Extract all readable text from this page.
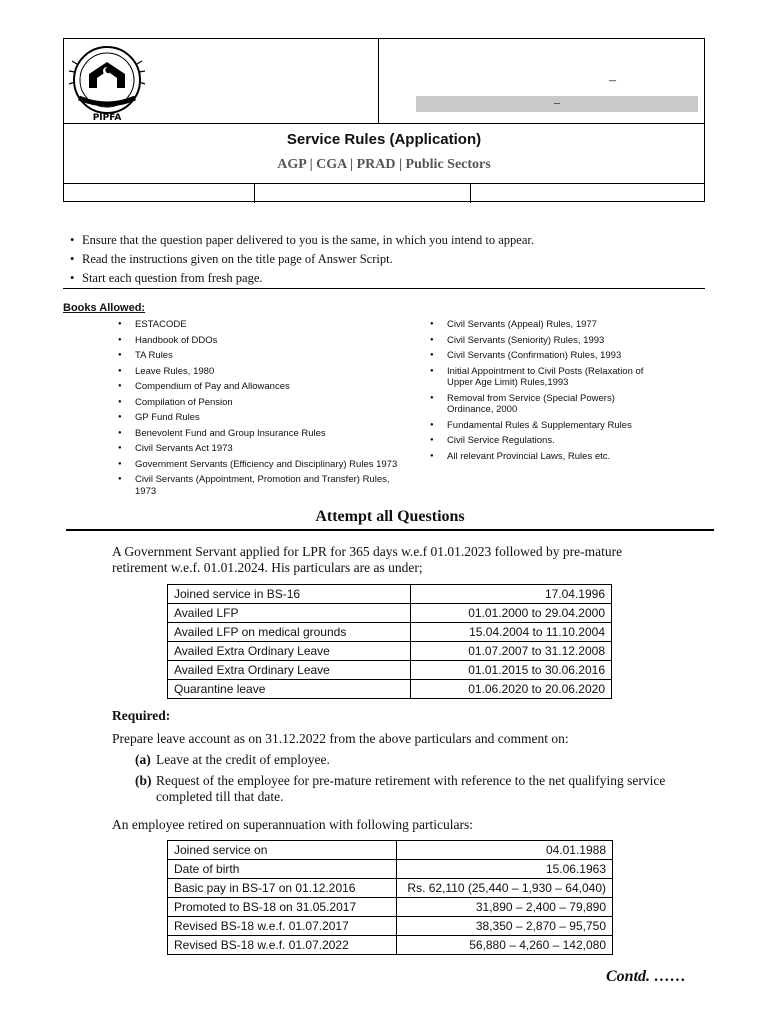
PIPFA
–
–
Service Rules (Application)
AGP | CGA | PRAD | Public Sectors
• Ensure that the question paper delivered to you is the same, in which you intend to appear.
• Read the instructions given on the title page of Answer Script.
• Start each question from fresh page.
Books Allowed:
● ESTACODE
● Handbook of DDOs
● TA Rules
● Leave Rules, 1980
● Compendium of Pay and Allowances
● Compilation of Pension
● GP Fund Rules
● Benevolent Fund and Group Insurance Rules
● Civil Servants Act 1973
● Government Servants (Efficiency and Disciplinary) Rules 1973
● Civil Servants (Appointment, Promotion and Transfer) Rules, 1973
● Civil Servants (Appeal) Rules, 1977
● Civil Servants (Seniority) Rules, 1993
● Civil Servants (Confirmation) Rules, 1993
● Initial Appointment to Civil Posts (Relaxation of Upper Age Limit) Rules,1993
● Removal from Service (Special Powers) Ordinance, 2000
● Fundamental Rules & Supplementary Rules
● Civil Service Regulations.
● All relevant Provincial Laws, Rules etc.
Attempt all Questions
A Government Servant applied for LPR for 365 days w.e.f 01.01.2023 followed by pre-mature retirement w.e.f. 01.01.2024. His particulars are as under;
Joined service in BS-16	17.04.1996
Availed LFP	01.01.2000 to 29.04.2000
Availed LFP on medical grounds	15.04.2004 to 11.10.2004
Availed Extra Ordinary Leave	01.07.2007 to 31.12.2008
Availed Extra Ordinary Leave	01.01.2015 to 30.06.2016
Quarantine leave	01.06.2020 to 20.06.2020
Required:
Prepare leave account as on 31.12.2022 from the above particulars and comment on:
(a) Leave at the credit of employee.
(b) Request of the employee for pre-mature retirement with reference to the net qualifying service completed till that date.
An employee retired on superannuation with following particulars:
Joined service on	04.01.1988
Date of birth	15.06.1963
Basic pay in BS-17 on 01.12.2016	Rs. 62,110 (25,440 – 1,930 – 64,040)
Promoted to BS-18 on 31.05.2017	31,890 – 2,400 – 79,890
Revised BS-18 w.e.f. 01.07.2017	38,350 – 2,870 – 95,750
Revised BS-18 w.e.f. 01.07.2022	56,880 – 4,260 – 142,080
Contd. ……
